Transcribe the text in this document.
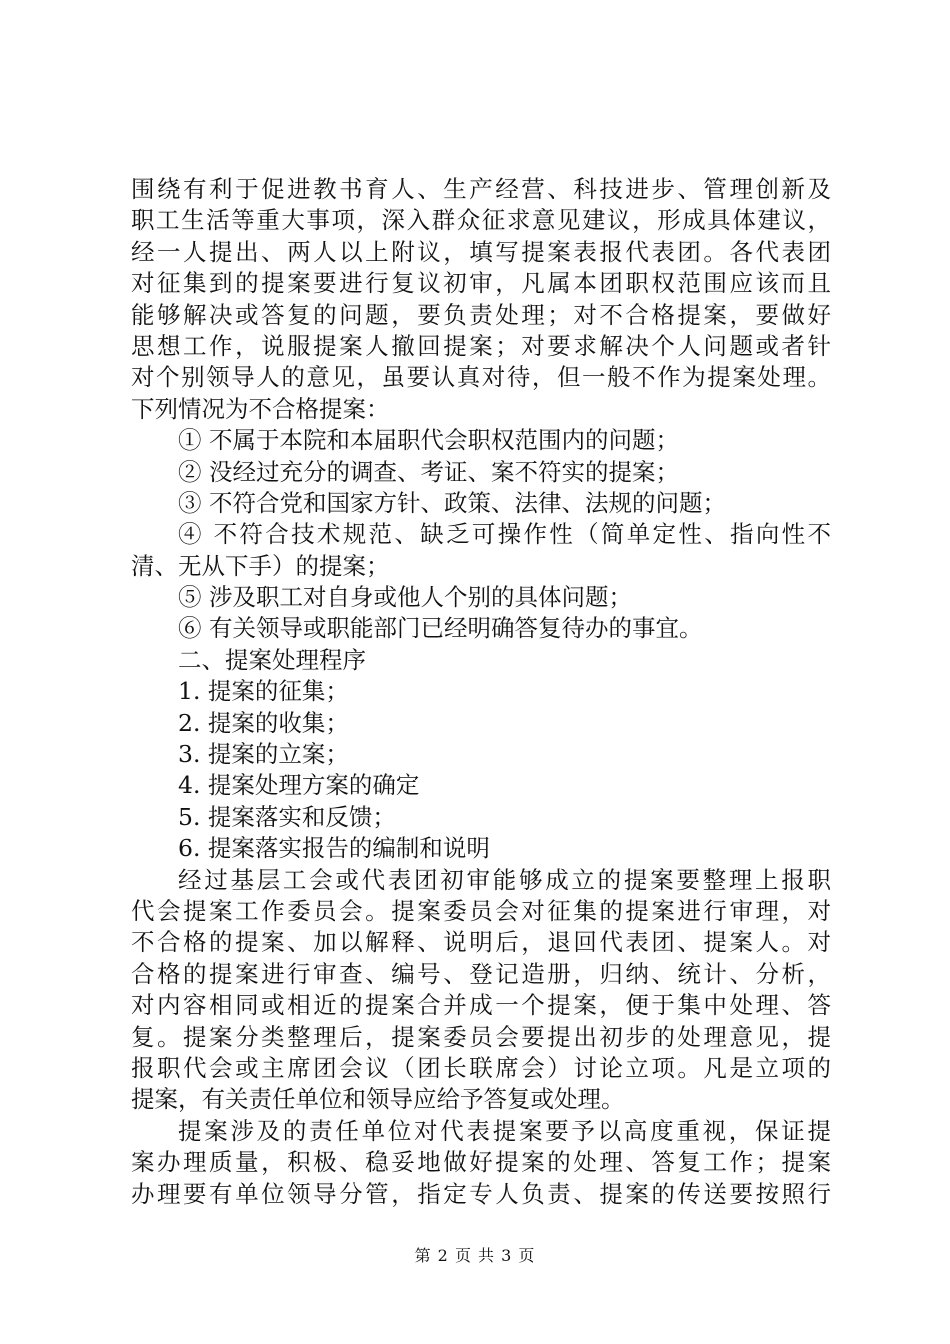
围绕有利于促进教书育人、生产经营、科技进步、管理创新及
职工生活等重大事项，深入群众征求意见建议，形成具体建议，
经一人提出、两人以上附议，填写提案表报代表团。各代表团
对征集到的提案要进行复议初审，凡属本团职权范围应该而且
能够解决或答复的问题，要负责处理；对不合格提案，要做好
思想工作，说服提案人撤回提案；对要求解决个人问题或者针
对个别领导人的意见，虽要认真对待，但一般不作为提案处理。
下列情况为不合格提案：
① 不属于本院和本届职代会职权范围内的问题；
② 没经过充分的调查、考证、案不符实的提案；
③ 不符合党和国家方针、政策、法律、法规的问题；
④ 不符合技术规范、缺乏可操作性（简单定性、指向性不
清、无从下手）的提案；
⑤ 涉及职工对自身或他人个别的具体问题；
⑥ 有关领导或职能部门已经明确答复待办的事宜。
二、提案处理程序
1. 提案的征集；
2. 提案的收集；
3. 提案的立案；
4. 提案处理方案的确定
5. 提案落实和反馈；
6. 提案落实报告的编制和说明
经过基层工会或代表团初审能够成立的提案要整理上报职
代会提案工作委员会。提案委员会对征集的提案进行审理，对
不合格的提案、加以解释、说明后，退回代表团、提案人。对
合格的提案进行审查、编号、登记造册，归纳、统计、分析，
对内容相同或相近的提案合并成一个提案，便于集中处理、答
复。提案分类整理后，提案委员会要提出初步的处理意见，提
报职代会或主席团会议（团长联席会）讨论立项。凡是立项的
提案，有关责任单位和领导应给予答复或处理。
提案涉及的责任单位对代表提案要予以高度重视，保证提
案办理质量，积极、稳妥地做好提案的处理、答复工作；提案
办理要有单位领导分管，指定专人负责、提案的传送要按照行
第 2 页 共 3 页
